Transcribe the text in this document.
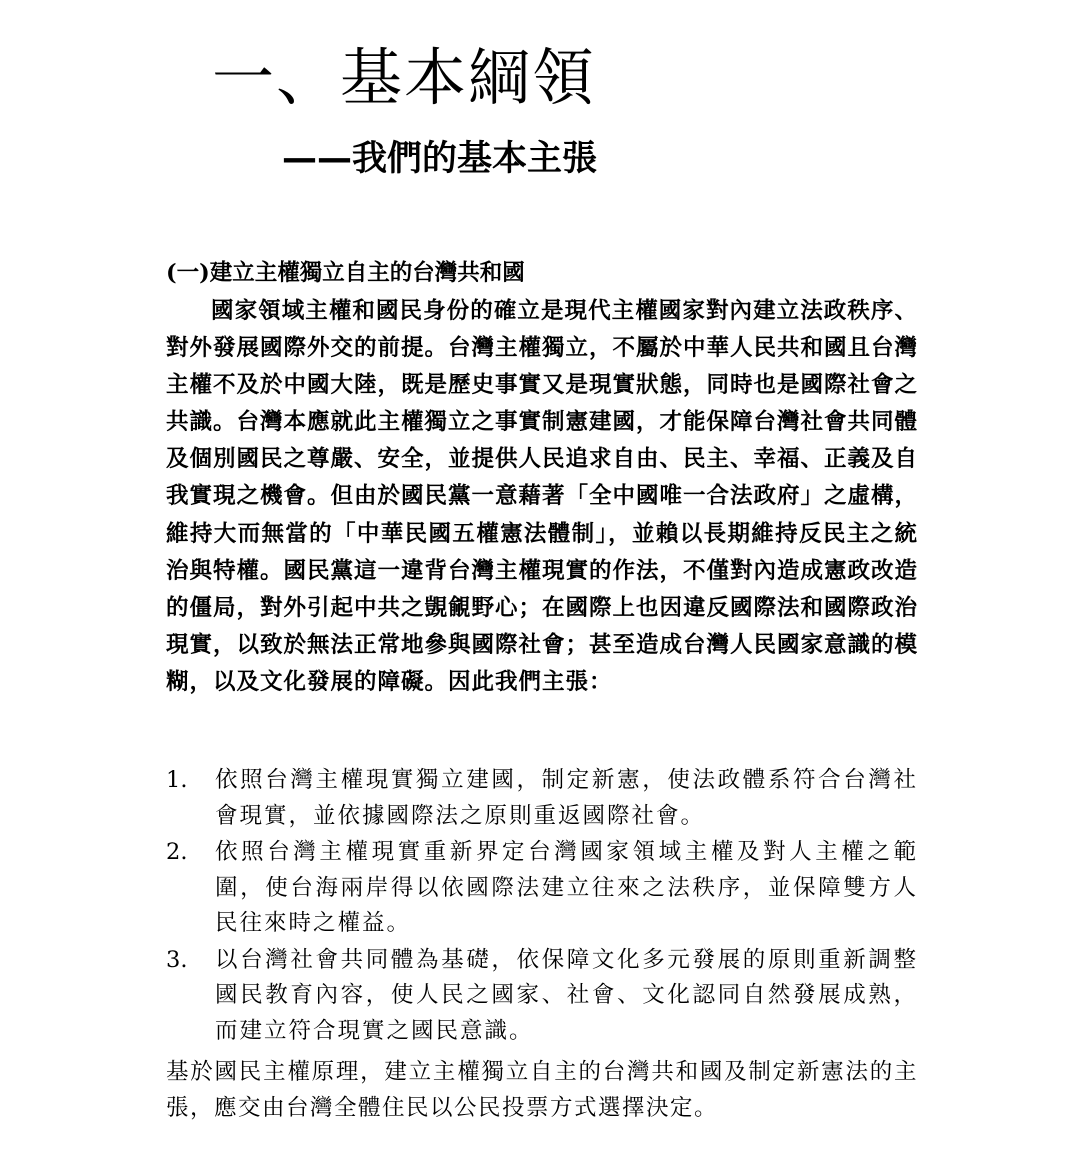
一、基本綱領
——我們的基本主張
(一)建立主權獨立自主的台灣共和國

國家領域主權和國民身份的確立是現代主權國家對內建立法政秩序、對外發展國際外交的前提。台灣主權獨立，不屬於中華人民共和國且台灣主權不及於中國大陸，既是歷史事實又是現實狀態，同時也是國際社會之共識。台灣本應就此主權獨立之事實制憲建國，才能保障台灣社會共同體及個別國民之尊嚴、安全，並提供人民追求自由、民主、幸福、正義及自我實現之機會。但由於國民黨一意藉著「全中國唯一合法政府」之虛構，維持大而無當的「中華民國五權憲法體制」，並賴以長期維持反民主之統治與特權。國民黨這一違背台灣主權現實的作法，不僅對內造成憲政改造的僵局，對外引起中共之覬覦野心；在國際上也因違反國際法和國際政治現實，以致於無法正常地參與國際社會；甚至造成台灣人民國家意識的模糊，以及文化發展的障礙。因此我們主張：

1. 依照台灣主權現實獨立建國，制定新憲，使法政體系符合台灣社會現實，並依據國際法之原則重返國際社會。
2. 依照台灣主權現實重新界定台灣國家領域主權及對人主權之範圍，使台海兩岸得以依國際法建立往來之法秩序，並保障雙方人民往來時之權益。
3. 以台灣社會共同體為基礎，依保障文化多元發展的原則重新調整國民教育內容，使人民之國家、社會、文化認同自然發展成熟，而建立符合現實之國民意識。

基於國民主權原理，建立主權獨立自主的台灣共和國及制定新憲法的主張，應交由台灣全體住民以公民投票方式選擇決定。
